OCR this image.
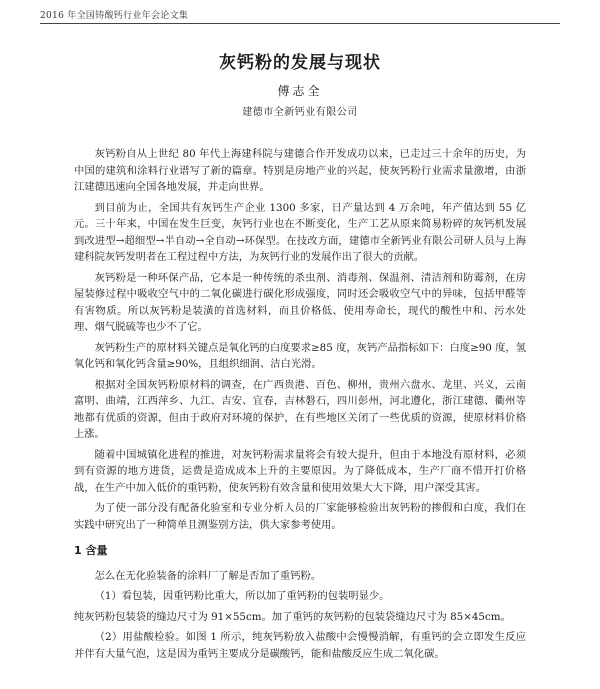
2016 年全国铸酸钙行业年会论文集
灰钙粉的发展与现状
傅志全
建德市全新钙业有限公司

灰钙粉自从上世纪 80 年代上海建科院与建德合作开发成功以来，已走过三十余年的历史，为中国的建筑和涂料行业谱写了新的篇章。特别是房地产业的兴起，使灰钙粉行业需求量激增，由浙江建德迅速向全国各地发展，并走向世界。

到目前为止，全国共有灰钙生产企业 1300 多家，日产量达到 4 万余吨，年产值达到 55 亿元。三十年来，中国在发生巨变，灰钙行业也在不断变化，生产工艺从原来简易粉碎的灰钙机发展到改进型→超细型→半自动→全自动→环保型。在技改方面，建德市全新钙业有限公司研人员与上海建科院灰钙发明者在工程过程中方法，为灰钙行业的发展作出了很大的贡献。

灰钙粉是一种环保产品，它本是一种传统的杀虫剂、消毒剂、保温剂、清洁剂和防霉剂，在房屋装修过程中吸收空气中的二氧化碳进行碳化形成强度，同时还会吸收空气中的异味，包括甲醛等有害物质。所以灰钙粉是装潢的首选材料，而且价格低、使用寿命长，现代的酸性中和、污水处理、烟气脱硫等也少不了它。

灰钙粉生产的原材料关键点是氧化钙的白度要求≥85 度，灰钙产品指标如下：白度≥90 度，氢氧化钙和氧化钙含量≥90%，且组织细润、洁白光滑。

根据对全国灰钙粉原材料的调查，在广西贵港、百色、柳州，贵州六盘水、龙里、兴义，云南富明、曲靖，江西萍乡、九江、吉安、宜春，吉林磐石，四川彭州，河北遵化，浙江建德、衢州等地都有优质的资源，但由于政府对环境的保护，在有些地区关闭了一些优质的资源，使原材料价格上涨。

随着中国城镇化进程的推进，对灰钙粉需求量将会有较大提升，但由于本地没有原材料，必须到有资源的地方进货，运费是造成成本上升的主要原因。为了降低成本，生产厂商不惜开打价格战，在生产中加入低价的重钙粉，使灰钙粉有效含量和使用效果大大下降，用户深受其害。

为了使一部分没有配备化验室和专业分析人员的厂家能够检验出灰钙粉的掺假和白度，我们在实践中研究出了一种简单且测鉴别方法，供大家参考使用。

1 含量

怎么在无化验装备的涂料厂了解是否加了重钙粉。

（1）看包装，因重钙粉比重大，所以加了重钙粉的包装明显少。

纯灰钙粉包装袋的缝边尺寸为 91×55cm。加了重钙的灰钙粉的包装袋缝边尺寸为 85×45cm。

（2）用盐酸检验。如图 1 所示，纯灰钙粉放入盐酸中会慢慢消解，有重钙的会立即发生反应并伴有大量气泡，这是因为重钙主要成分是碳酸钙，能和盐酸反应生成二氧化碳。
